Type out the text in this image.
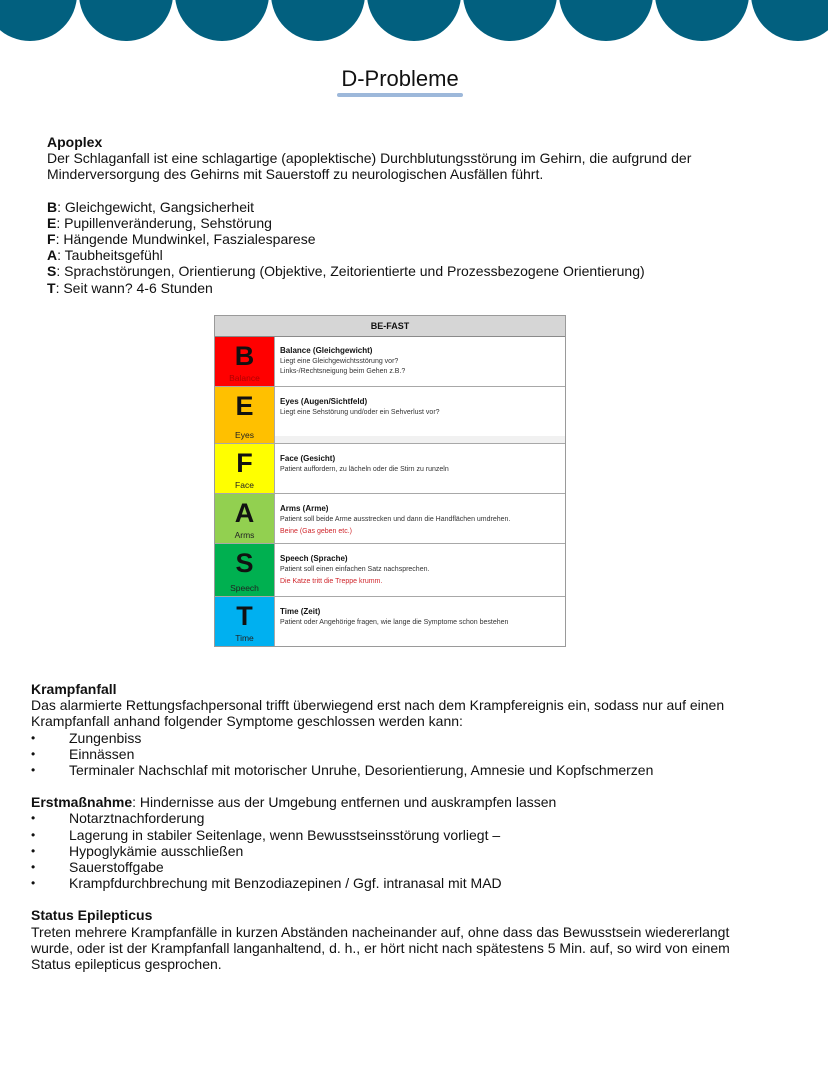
D-Probleme

Apoplex

Der Schlaganfall ist eine schlagartige (apoplektische) Durchblutungsstörung im Gehirn, die aufgrund der Minderversorgung des Gehirns mit Sauerstoff zu neurologischen Ausfällen führt.

B: Gleichgewicht, Gangsicherheit

E: Pupillenveränderung, Sehstörung

F: Hängende Mundwinkel, Faszialesparese

A: Taubheitsgefühl

S: Sprachstörungen, Orientierung (Objektive, Zeitorientierte und Prozessbezogene Orientierung)

T: Seit wann? 4-6 Stunden

BE-FAST
B
Balance
Balance (Gleichgewicht)
Liegt eine Gleichgewichtsstörung vor?
Links-/Rechtsneigung beim Gehen z.B.?
E
Eyes
Eyes (Augen/Sichtfeld)
Liegt eine Sehstörung und/oder ein Sehverlust vor?
F
Face
Face (Gesicht)
Patient auffordern, zu lächeln oder die Stirn zu runzeln
A
Arms
Arms (Arme)
Patient soll beide Arme ausstrecken und dann die Handflächen umdrehen.
Beine (Gas geben etc.)
S
Speech
Speech (Sprache)
Patient soll einen einfachen Satz nachsprechen.
Die Katze tritt die Treppe krumm.
T
Time
Time (Zeit)
Patient oder Angehörige fragen, wie lange die Symptome schon bestehen

Krampfanfall

Das alarmierte Rettungsfachpersonal trifft überwiegend erst nach dem Krampfereignis ein, sodass nur auf einen Krampfanfall anhand folgender Symptome geschlossen werden kann:

• Zungenbiss
• Einnässen
• Terminaler Nachschlaf mit motorischer Unruhe, Desorientierung, Amnesie und Kopfschmerzen

Erstmaßnahme: Hindernisse aus der Umgebung entfernen und auskrampfen lassen

• Notarztnachforderung
• Lagerung in stabiler Seitenlage, wenn Bewusstseinsstörung vorliegt –
• Hypoglykämie ausschließen
• Sauerstoffgabe
• Krampfdurchbrechung mit Benzodiazepinen / Ggf. intranasal mit MAD

Status Epilepticus

Treten mehrere Krampfanfälle in kurzen Abständen nacheinander auf, ohne dass das Bewusstsein wiedererlangt wurde, oder ist der Krampfanfall langanhaltend, d. h., er hört nicht nach spätestens 5 Min. auf, so wird von einem Status epilepticus gesprochen.
